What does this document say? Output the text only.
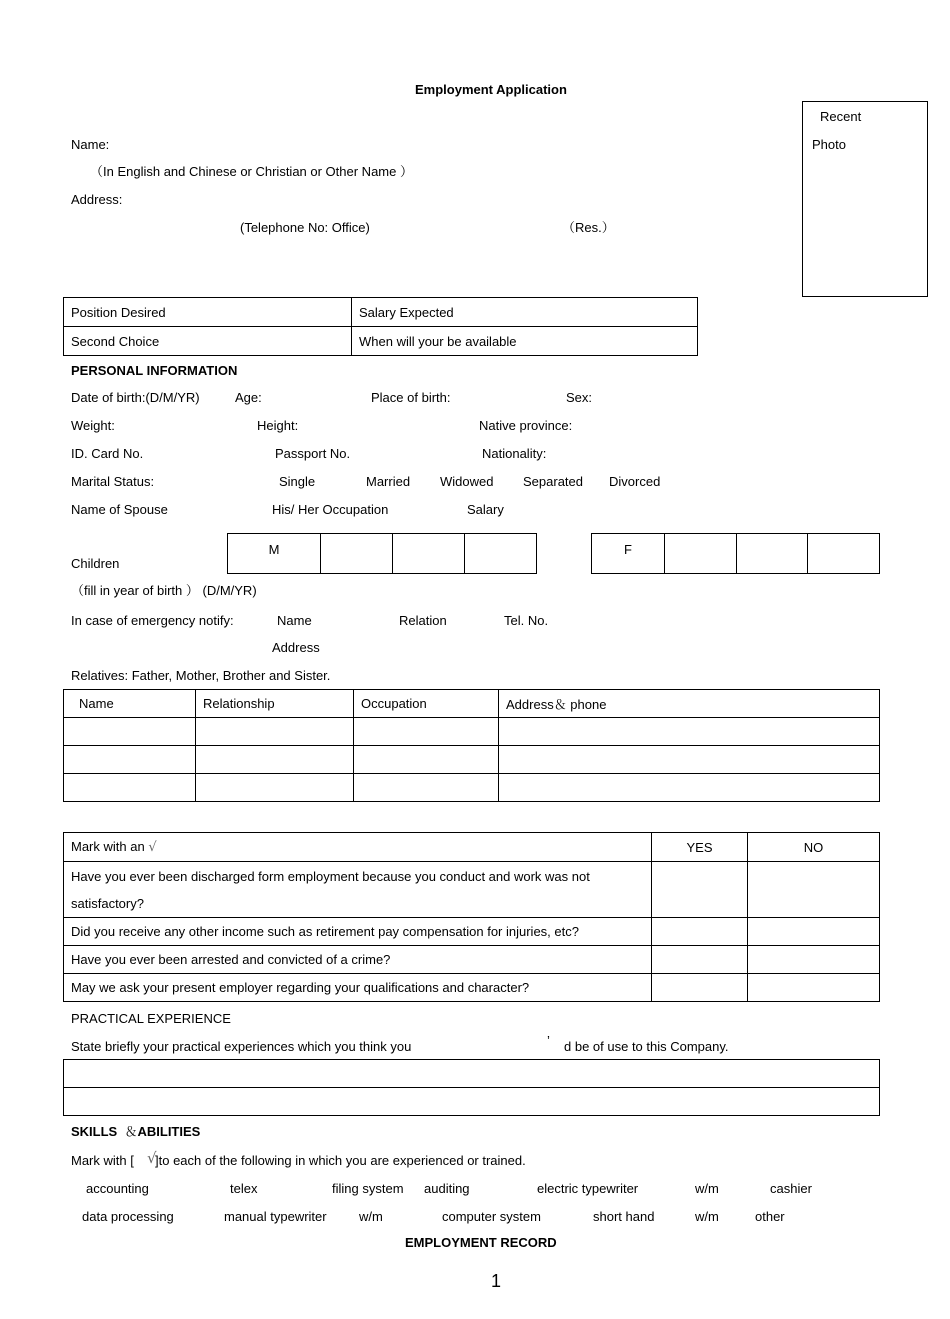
Employment Application
Recent
Photo
Name:
（In English and Chinese or Christian or Other Name ）
Address:
(Telephone No: Office)	（Res.）
Position Desired	Salary Expected
Second Choice	When will your be available
PERSONAL INFORMATION
Date of birth:(D/M/YR)	Age:	Place of birth:	Sex:
Weight:	Height:	Native province:
ID. Card No.	Passport No.	Nationality:
Marital Status:	Single	Married Widowed Separated Divorced
Name of Spouse	His/ Her Occupation	Salary
M				F			
Children
（fill in year of birth ） (D/M/YR)
In case of emergency notify:	Name	Relation	Tel. No.
Address
Relatives: Father, Mother, Brother and Sister.
Name	Relationship	Occupation	Address＆ phone

Mark with an √	YES	NO
Have you ever been discharged form employment because you conduct and work was not
satisfactory?		
Did you receive any other income such as retirement pay compensation for injuries, etc?		
Have you ever been arrested and convicted of a crime?		
May we ask your present employer regarding your qualifications and character?		
PRACTICAL EXPERIENCE
State briefly your practical experiences which you think you	’ d be of use to this Company.

SKILLS ＆ABILITIES
Mark with [ √
]to each of the following in which you are experienced or trained.
accounting	telex	filing system auditing	electric typewriter	w/m	cashier
data processing	manual typewriter w/m	computer system	short hand	w/m	other
EMPLOYMENT RECORD
1
